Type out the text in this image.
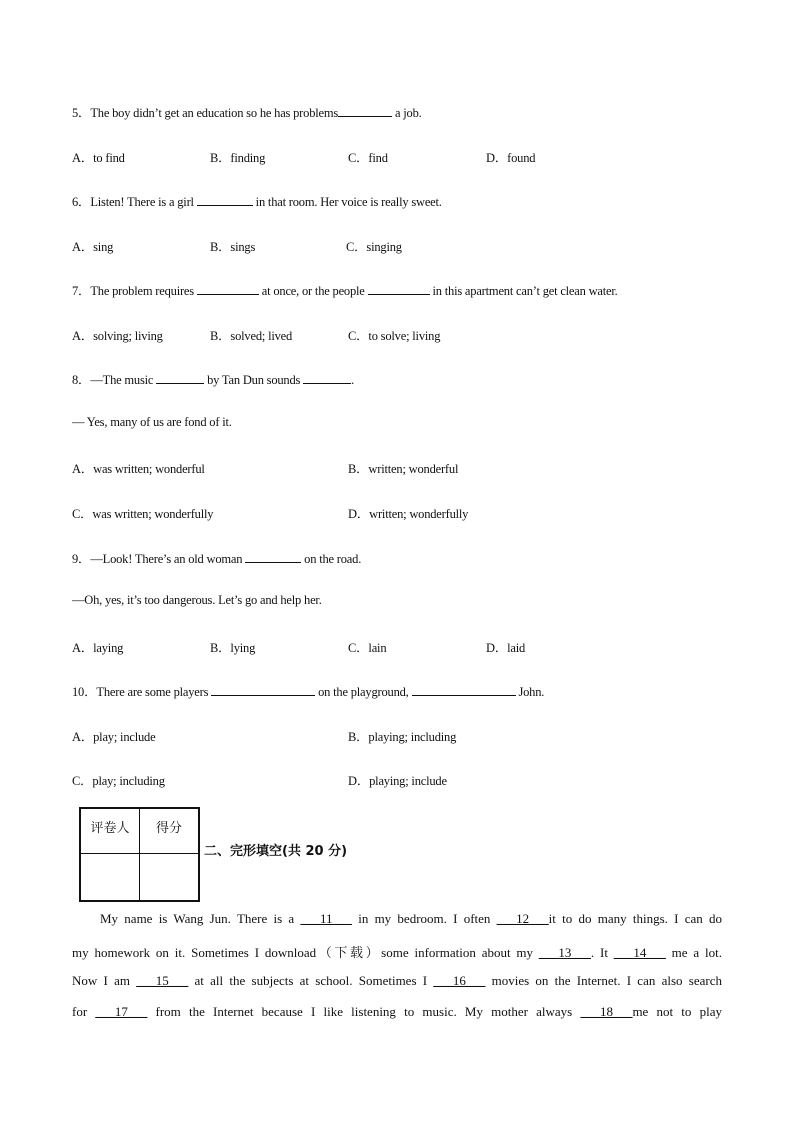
5．The boy didn’t get an education so he has problems	a job.
A．to find	B．finding	C．find	D．found
6．Listen! There is a girl	in that room. Her voice is really sweet.
A．sing	B．sings	C．singing
7．The problem requires	at once, or the people	in this apartment can’t get clean water.
A．solving; living	B．solved; lived	C．to solve; living
8．—The music	by Tan Dun sounds	.
— Yes, many of us are fond of it.
A．was written; wonderful	B．written; wonderful
C．was written; wonderfully	D．written; wonderfully
9．—Look! There’s an old woman	on the road.
—Oh, yes, it’s too dangerous. Let’s go and help her.
A．laying	B．lying	C．lain	D．laid
10．There are some players	on the playground,	John.
A．play; include	B．playing; including
C．play; including	D．playing; include
评卷人	得分

二、完形填空(共 20 分)
My name is Wang Jun. There is a ___11___ in my bedroom. I often ___12___it to do many things. I can do
my homework on it. Sometimes I download（下载）some information about my ___13___. It ___14___ me a lot.
Now I am ___15___ at all the subjects at school. Sometimes I ___16___ movies on the Internet. I can also search
for ___17___ from the Internet because I like listening to music. My mother always ___18___me not to play
